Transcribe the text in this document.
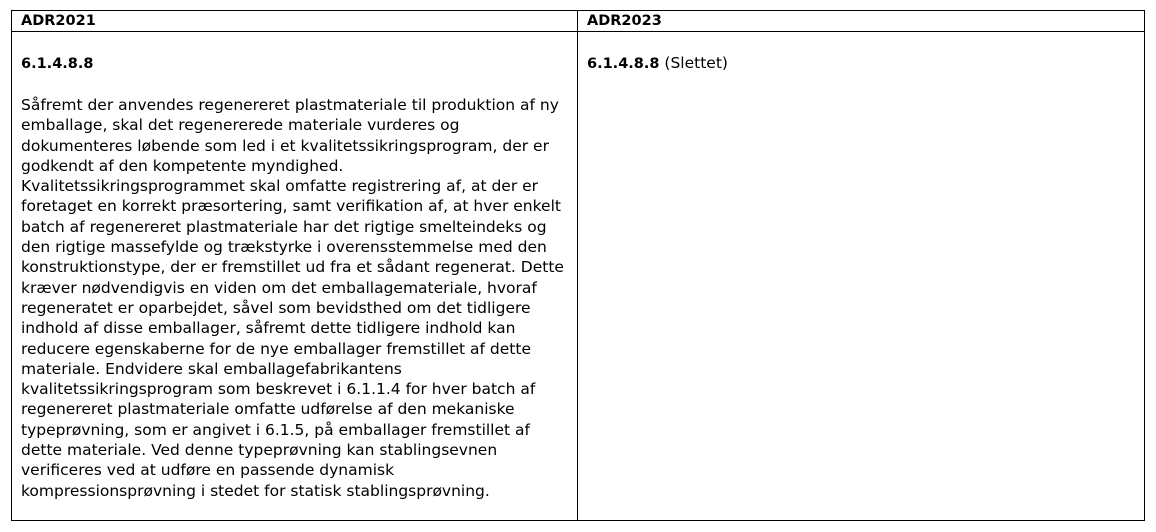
ADR2021	ADR2023

6.1.4.8.8

Såfremt der anvendes regenereret plastmateriale til produktion af ny emballage, skal det regenererede materiale vurderes og dokumenteres løbende som led i et kvalitetssikringsprogram, der er godkendt af den kompetente myndighed. Kvalitetssikringsprogrammet skal omfatte registrering af, at der er foretaget en korrekt præsortering, samt verifikation af, at hver enkelt batch af regenereret plastmateriale har det rigtige smelteindeks og den rigtige massefylde og trækstyrke i overensstemmelse med den konstruktionstype, der er fremstillet ud fra et sådant regenerat. Dette kræver nødvendigvis en viden om det emballagemateriale, hvoraf regeneratet er oparbejdet, såvel som bevidsthed om det tidligere indhold af disse emballager, såfremt dette tidligere indhold kan reducere egenskaberne for de nye emballager fremstillet af dette materiale. Endvidere skal emballagefabrikantens kvalitetssikringsprogram som beskrevet i 6.1.1.4 for hver batch af regenereret plastmateriale omfatte udførelse af den mekaniske typeprøvning, som er angivet i 6.1.5, på emballager fremstillet af dette materiale. Ved denne typeprøvning kan stablingsevnen verificeres ved at udføre en passende dynamisk kompressionsprøvning i stedet for statisk stablingsprøvning.	6.1.4.8.8 (Slettet)
